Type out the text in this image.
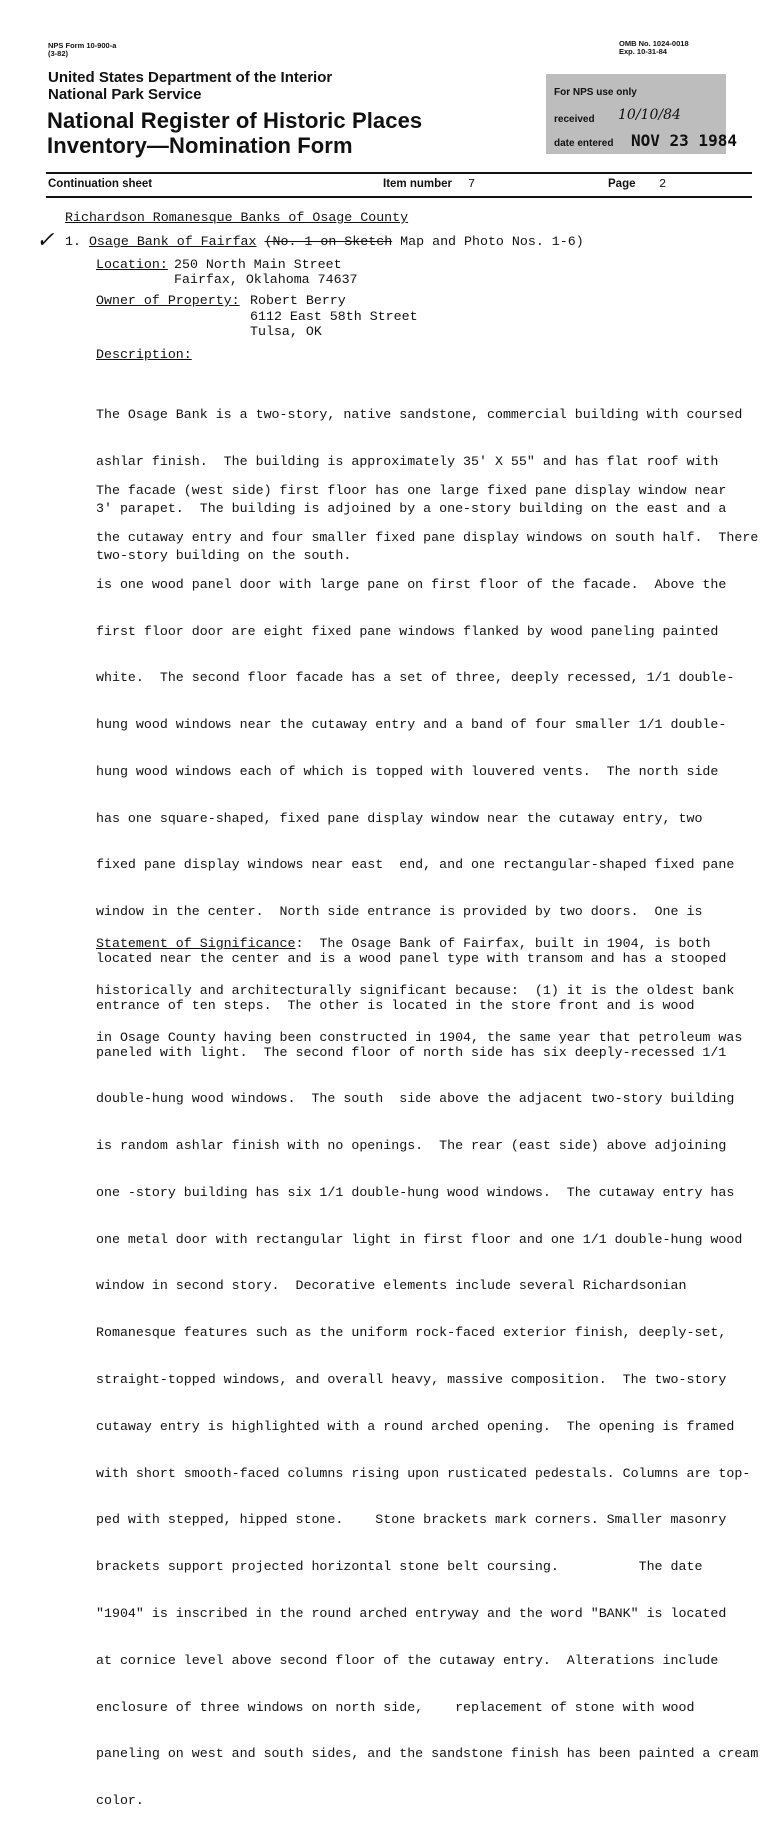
NPS Form 10-900-a
(3-82)
OMB No. 1024-0018
Exp. 10-31-84
United States Department of the Interior
National Park Service
National Register of Historic Places
Inventory—Nomination Form
For NPS use only
received 10/10/84
date entered NOV 23 1984
Continuation sheet	Item number 7	Page 2
Richardson Romanesque Banks of Osage County
✓ 1. Osage Bank of Fairfax (No. 1 on Sketch Map and Photo Nos. 1-6)
Location: 250 North Main Street
Fairfax, Oklahoma 74637
Owner of Property: Robert Berry
6112 East 58th Street
Tulsa, OK
Description:

The Osage Bank is a two-story, native sandstone, commercial building with coursed

ashlar finish.  The building is approximately 35' X 55" and has flat roof with

3' parapet.  The building is adjoined by a one-story building on the east and a

two-story building on the south.

The facade (west side) first floor has one large fixed pane display window near

the cutaway entry and four smaller fixed pane display windows on south half.  There

is one wood panel door with large pane on first floor of the facade.  Above the

first floor door are eight fixed pane windows flanked by wood paneling painted

white.  The second floor facade has a set of three, deeply recessed, 1/1 double-

hung wood windows near the cutaway entry and a band of four smaller 1/1 double-

hung wood windows each of which is topped with louvered vents.  The north side

has one square-shaped, fixed pane display window near the cutaway entry, two

fixed pane display windows near east  end, and one rectangular-shaped fixed pane

window in the center.  North side entrance is provided by two doors.  One is

located near the center and is a wood panel type with transom and has a stooped

entrance of ten steps.  The other is located in the store front and is wood

paneled with light.  The second floor of north side has six deeply-recessed 1/1

double-hung wood windows.  The south  side above the adjacent two-story building

is random ashlar finish with no openings.  The rear (east side) above adjoining

one -story building has six 1/1 double-hung wood windows.  The cutaway entry has

one metal door with rectangular light in first floor and one 1/1 double-hung wood

window in second story.  Decorative elements include several Richardsonian

Romanesque features such as the uniform rock-faced exterior finish, deeply-set,

straight-topped windows, and overall heavy, massive composition.  The two-story

cutaway entry is highlighted with a round arched opening.  The opening is framed

with short smooth-faced columns rising upon rusticated pedestals. Columns are top-

ped with stepped, hipped stone.    Stone brackets mark corners. Smaller masonry

brackets support projected horizontal stone belt coursing.          The date

"1904" is inscribed in the round arched entryway and the word "BANK" is located

at cornice level above second floor of the cutaway entry.  Alterations include

enclosure of three windows on north side,    replacement of stone with wood

paneling on west and south sides, and the sandstone finish has been painted a cream

color.

Statement of Significance:  The Osage Bank of Fairfax, built in 1904, is both

historically and architecturally significant because:  (1) it is the oldest bank

in Osage County having been constructed in 1904, the same year that petroleum was
